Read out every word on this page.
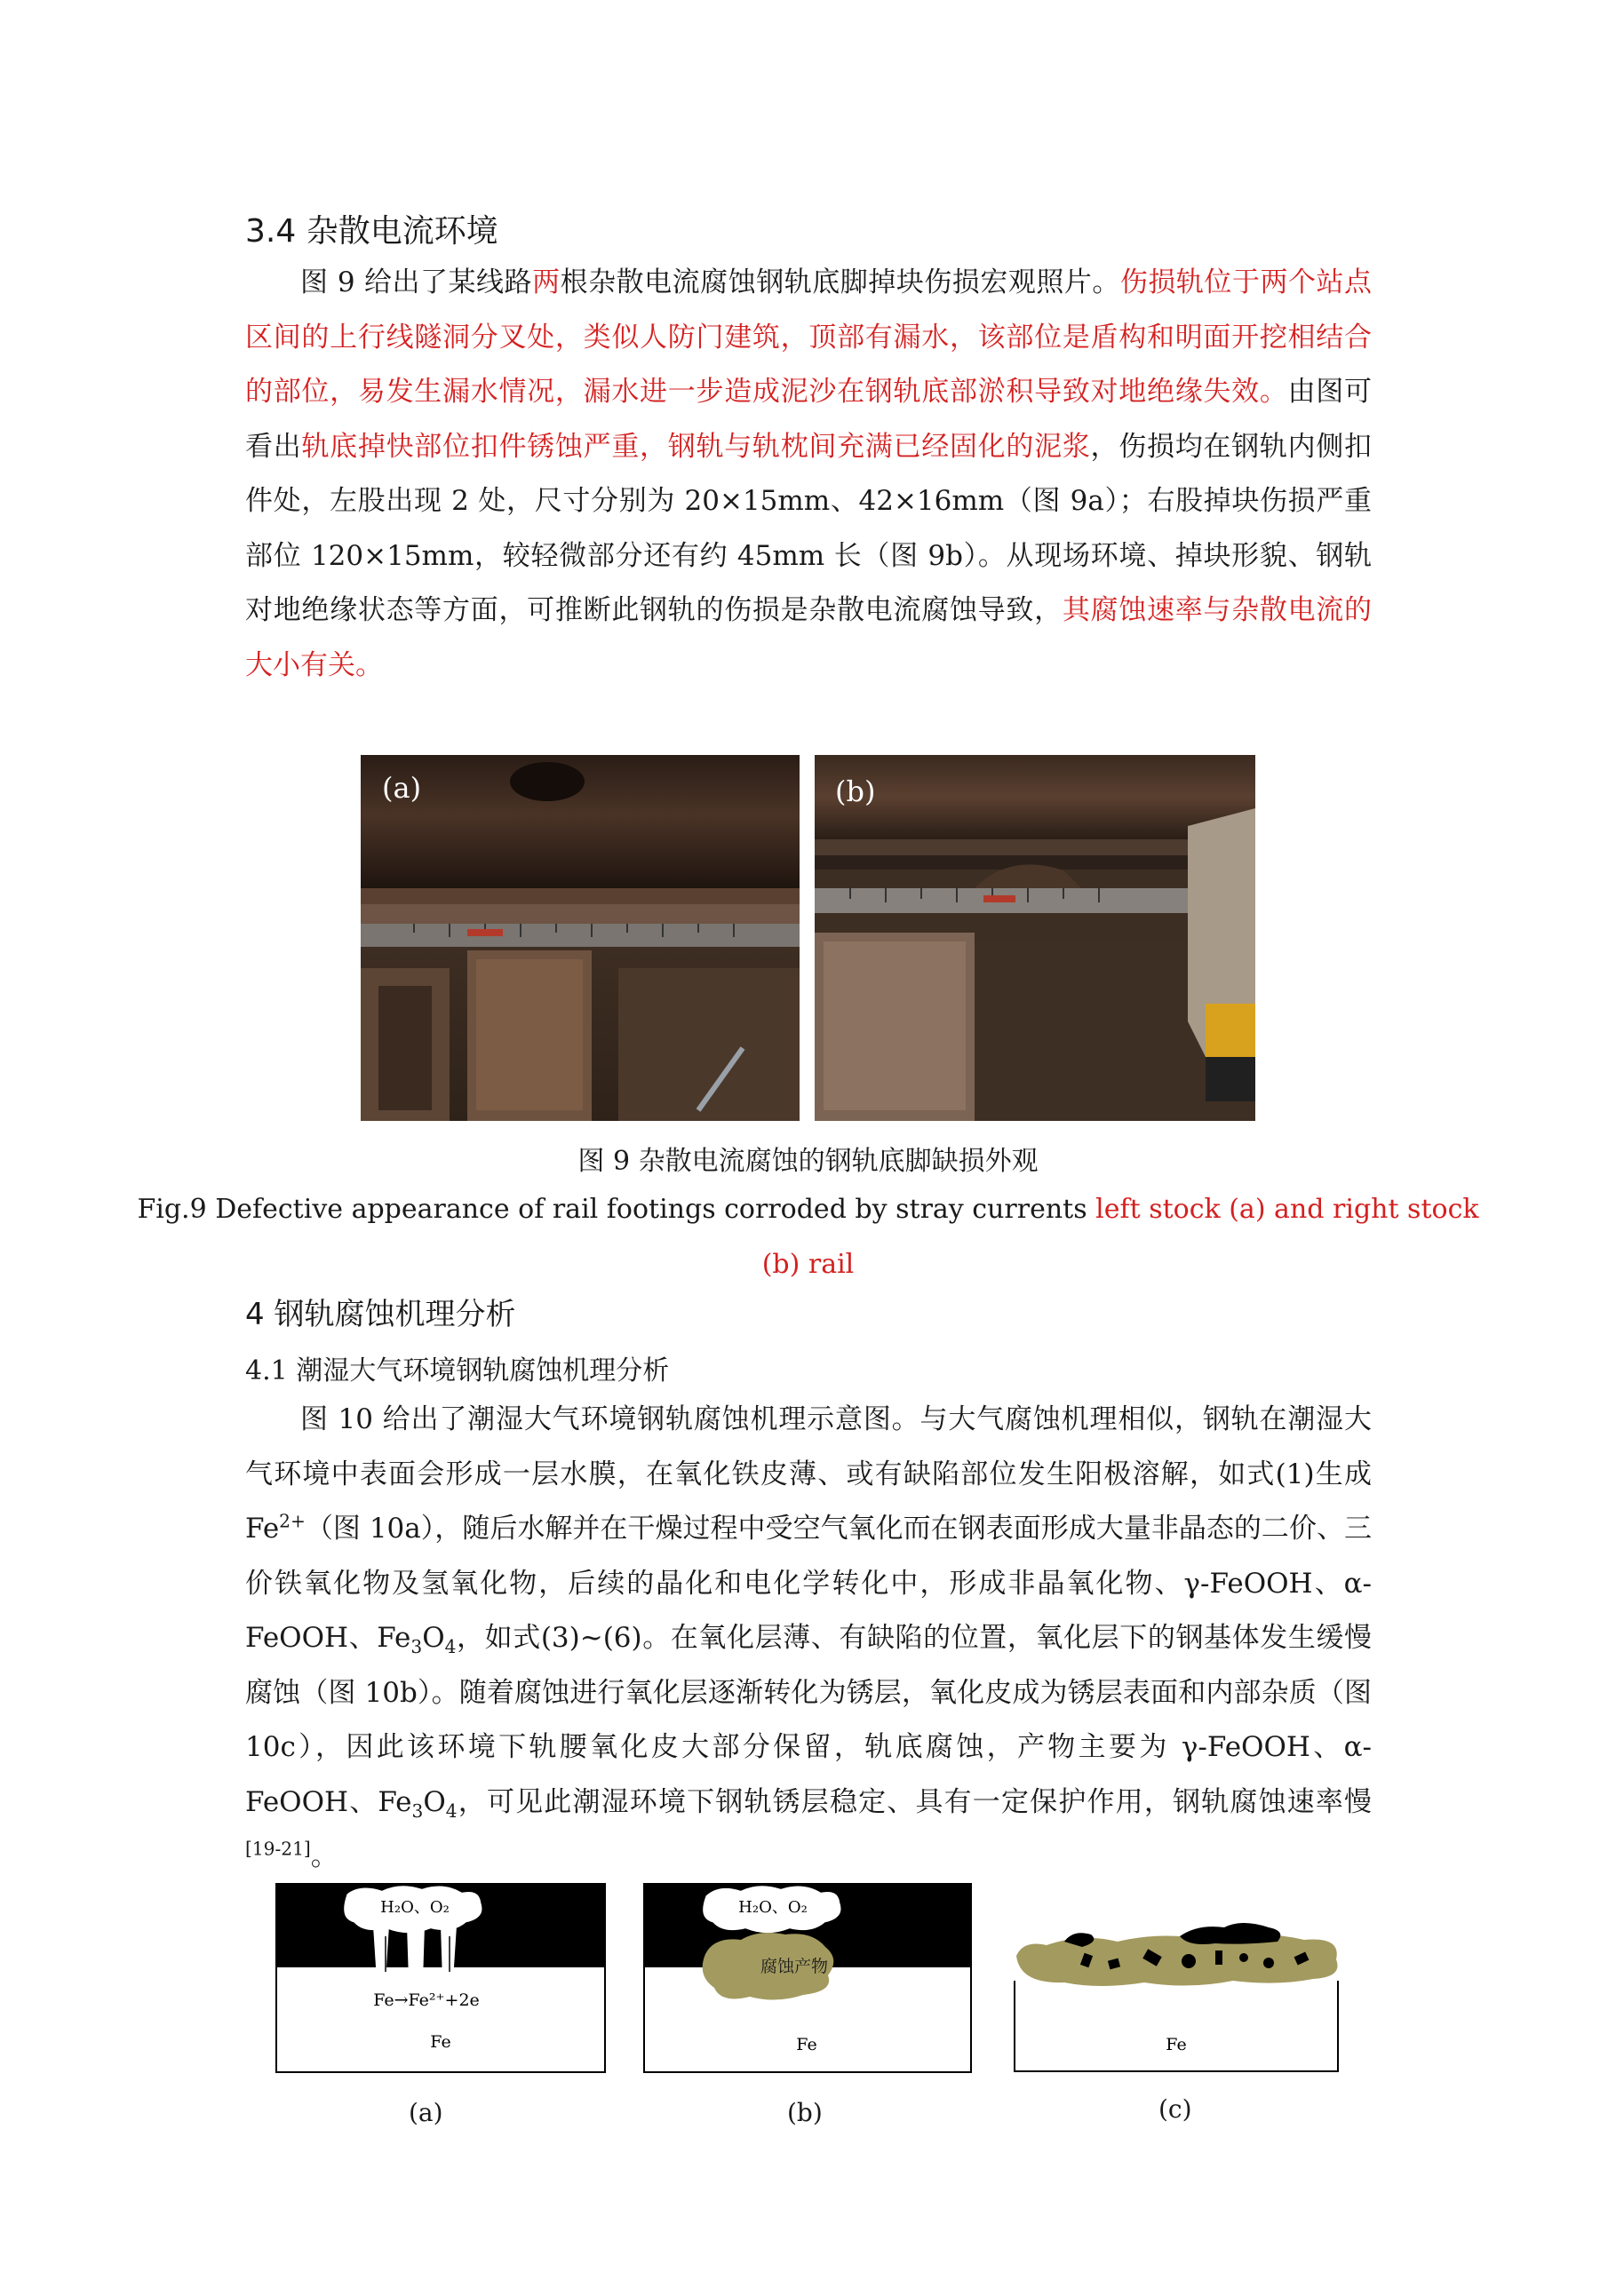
3.4 杂散电流环境

图 9 给出了某线路两根杂散电流腐蚀钢轨底脚掉块伤损宏观照片。伤损轨位于两个站点区间的上行线隧洞分叉处，类似人防门建筑，顶部有漏水，该部位是盾构和明面开挖相结合的部位，易发生漏水情况，漏水进一步造成泥沙在钢轨底部淤积导致对地绝缘失效。由图可看出轨底掉快部位扣件锈蚀严重，钢轨与轨枕间充满已经固化的泥浆，伤损均在钢轨内侧扣件处，左股出现 2 处，尺寸分别为 20×15mm、42×16mm（图 9a）；右股掉块伤损严重部位 120×15mm，较轻微部分还有约 45mm 长（图 9b）。从现场环境、掉块形貌、钢轨对地绝缘状态等方面，可推断此钢轨的伤损是杂散电流腐蚀导致，其腐蚀速率与杂散电流的大小有关。

(a)	(b)
图 9 杂散电流腐蚀的钢轨底脚缺损外观
Fig.9 Defective appearance of rail footings corroded by stray currents left stock (a) and right stock
(b) rail
4 钢轨腐蚀机理分析
4.1 潮湿大气环境钢轨腐蚀机理分析

图 10 给出了潮湿大气环境钢轨腐蚀机理示意图。与大气腐蚀机理相似，钢轨在潮湿大气环境中表面会形成一层水膜，在氧化铁皮薄、或有缺陷部位发生阳极溶解，如式(1)生成$Fe^{2+}$（图 10a），随后水解并在干燥过程中受空气氧化而在钢表面形成大量非晶态的二价、三价铁氧化物及氢氧化物，后续的晶化和电化学转化中，形成非晶氧化物、γ-FeOOH、α-FeOOH、$Fe_3O_4$，如式(3)~(6)。在氧化层薄、有缺陷的位置，氧化层下的钢基体发生缓慢腐蚀（图 10b）。随着腐蚀进行氧化层逐渐转化为锈层，氧化皮成为锈层表面和内部杂质（图 10c），因此该环境下轨腰氧化皮大部分保留，轨底腐蚀，产物主要为 γ-FeOOH、α-FeOOH、$Fe_3O_4$，可见此潮湿环境下钢轨锈层稳定、具有一定保护作用，钢轨腐蚀速率慢[19-21]。

H₂O、O₂
Fe→Fe²⁺+2e
Fe
(a)
H₂O、O₂
腐蚀产物
Fe
(b)
Fe
(c)
